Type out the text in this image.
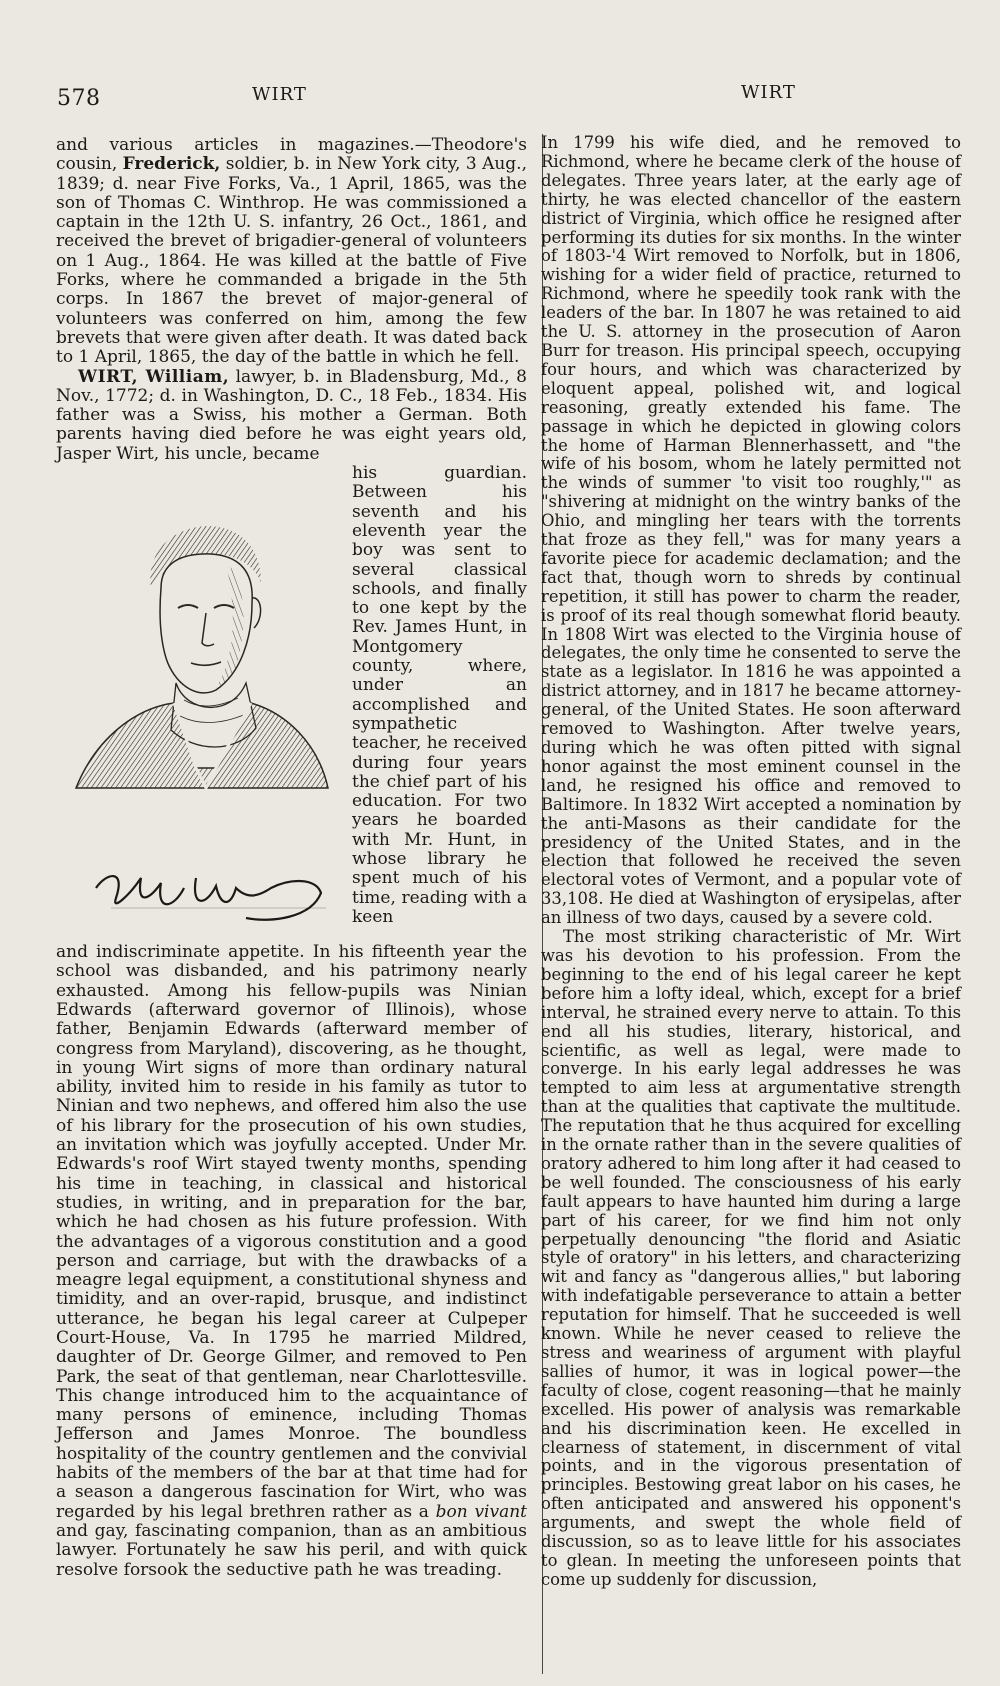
578	WIRT	WIRT

and various articles in magazines.—Theodore's cousin, Frederick, soldier, b. in New York city, 3 Aug., 1839; d. near Five Forks, Va., 1 April, 1865, was the son of Thomas C. Winthrop. He was commissioned a captain in the 12th U. S. infantry, 26 Oct., 1861, and received the brevet of brigadier-general of volunteers on 1 Aug., 1864. He was killed at the battle of Five Forks, where he commanded a brigade in the 5th corps. In 1867 the brevet of major-general of volunteers was conferred on him, among the few brevets that were given after death. It was dated back to 1 April, 1865, the day of the battle in which he fell.

WIRT, William, lawyer, b. in Bladensburg, Md., 8 Nov., 1772; d. in Washington, D. C., 18 Feb., 1834. His father was a Swiss, his mother a German. Both parents having died before he was eight years old, Jasper Wirt, his uncle, became

Wm. Wirt

his guardian. Between his seventh and his eleventh year the boy was sent to several classical schools, and finally to one kept by the Rev. James Hunt, in Montgomery county, where, under an accomplished and sympathetic teacher, he received during four years the chief part of his education. For two years he boarded with Mr. Hunt, in whose library he spent much of his time, reading with a keen

and indiscriminate appetite. In his fifteenth year the school was disbanded, and his patrimony nearly exhausted. Among his fellow-pupils was Ninian Edwards (afterward governor of Illinois), whose father, Benjamin Edwards (afterward member of congress from Maryland), discovering, as he thought, in young Wirt signs of more than ordinary natural ability, invited him to reside in his family as tutor to Ninian and two nephews, and offered him also the use of his library for the prosecution of his own studies, an invitation which was joyfully accepted. Under Mr. Edwards's roof Wirt stayed twenty months, spending his time in teaching, in classical and historical studies, in writing, and in preparation for the bar, which he had chosen as his future profession. With the advantages of a vigorous constitution and a good person and carriage, but with the drawbacks of a meagre legal equipment, a constitutional shyness and timidity, and an over-rapid, brusque, and indistinct utterance, he began his legal career at Culpeper Court-House, Va. In 1795 he married Mildred, daughter of Dr. George Gilmer, and removed to Pen Park, the seat of that gentleman, near Charlottesville. This change introduced him to the acquaintance of many persons of eminence, including Thomas Jefferson and James Monroe. The boundless hospitality of the country gentlemen and the convivial habits of the members of the bar at that time had for a season a dangerous fascination for Wirt, who was regarded by his legal brethren rather as a bon vivant and gay, fascinating companion, than as an ambitious lawyer. Fortunately he saw his peril, and with quick resolve forsook the seductive path he was treading.

In 1799 his wife died, and he removed to Richmond, where he became clerk of the house of delegates. Three years later, at the early age of thirty, he was elected chancellor of the eastern district of Virginia, which office he resigned after performing its duties for six months. In the winter of 1803-'4 Wirt removed to Norfolk, but in 1806, wishing for a wider field of practice, returned to Richmond, where he speedily took rank with the leaders of the bar. In 1807 he was retained to aid the U. S. attorney in the prosecution of Aaron Burr for treason. His principal speech, occupying four hours, and which was characterized by eloquent appeal, polished wit, and logical reasoning, greatly extended his fame. The passage in which he depicted in glowing colors the home of Harman Blennerhassett, and "the wife of his bosom, whom he lately permitted not the winds of summer 'to visit too roughly,'" as "shivering at midnight on the wintry banks of the Ohio, and mingling her tears with the torrents that froze as they fell," was for many years a favorite piece for academic declamation; and the fact that, though worn to shreds by continual repetition, it still has power to charm the reader, is proof of its real though somewhat florid beauty. In 1808 Wirt was elected to the Virginia house of delegates, the only time he consented to serve the state as a legislator. In 1816 he was appointed a district attorney, and in 1817 he became attorney-general, of the United States. He soon afterward removed to Washington. After twelve years, during which he was often pitted with signal honor against the most eminent counsel in the land, he resigned his office and removed to Baltimore. In 1832 Wirt accepted a nomination by the anti-Masons as their candidate for the presidency of the United States, and in the election that followed he received the seven electoral votes of Vermont, and a popular vote of 33,108. He died at Washington of erysipelas, after an illness of two days, caused by a severe cold.

The most striking characteristic of Mr. Wirt was his devotion to his profession. From the beginning to the end of his legal career he kept before him a lofty ideal, which, except for a brief interval, he strained every nerve to attain. To this end all his studies, literary, historical, and scientific, as well as legal, were made to converge. In his early legal addresses he was tempted to aim less at argumentative strength than at the qualities that captivate the multitude. The reputation that he thus acquired for excelling in the ornate rather than in the severe qualities of oratory adhered to him long after it had ceased to be well founded. The consciousness of his early fault appears to have haunted him during a large part of his career, for we find him not only perpetually denouncing "the florid and Asiatic style of oratory" in his letters, and characterizing wit and fancy as "dangerous allies," but laboring with indefatigable perseverance to attain a better reputation for himself. That he succeeded is well known. While he never ceased to relieve the stress and weariness of argument with playful sallies of humor, it was in logical power—the faculty of close, cogent reasoning—that he mainly excelled. His power of analysis was remarkable and his discrimination keen. He excelled in clearness of statement, in discernment of vital points, and in the vigorous presentation of principles. Bestowing great labor on his cases, he often anticipated and answered his opponent's arguments, and swept the whole field of discussion, so as to leave little for his associates to glean. In meeting the unforeseen points that come up suddenly for discussion,
